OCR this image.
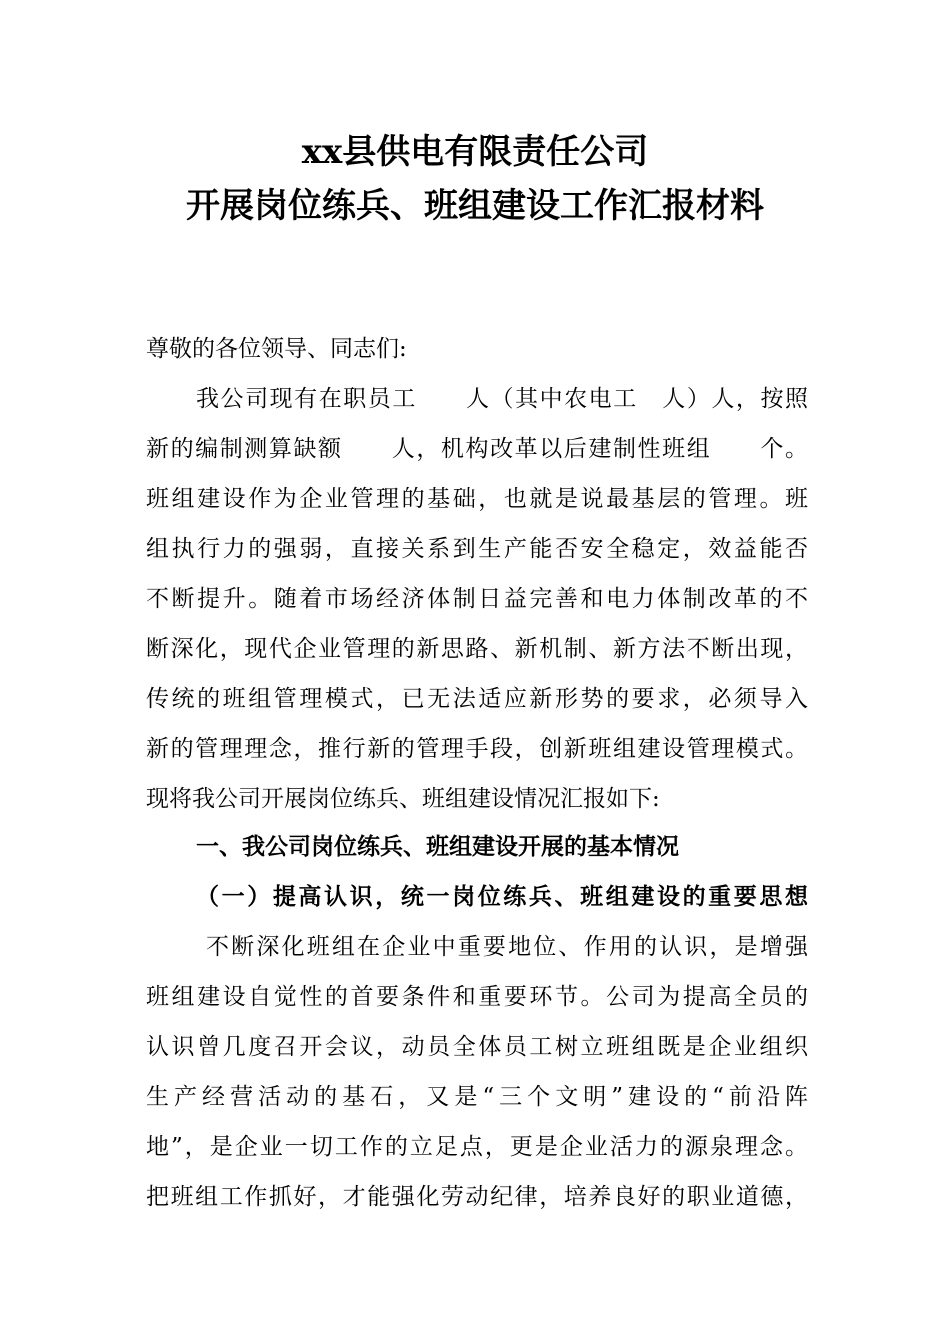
xx县供电有限责任公司
开展岗位练兵、班组建设工作汇报材料
尊敬的各位领导、同志们:
我公司现有在职员工　　人（其中农电工　人）人，按照
新的编制测算缺额　　人，机构改革以后建制性班组　　个。
班组建设作为企业管理的基础，也就是说最基层的管理。班
组执行力的强弱，直接关系到生产能否安全稳定，效益能否
不断提升。随着市场经济体制日益完善和电力体制改革的不
断深化，现代企业管理的新思路、新机制、新方法不断出现，
传统的班组管理模式，已无法适应新形势的要求，必须导入
新的管理理念，推行新的管理手段，创新班组建设管理模式。
现将我公司开展岗位练兵、班组建设情况汇报如下:
一、我公司岗位练兵、班组建设开展的基本情况
（一）提高认识，统一岗位练兵、班组建设的重要思想
不断深化班组在企业中重要地位、作用的认识，是增强
班组建设自觉性的首要条件和重要环节。公司为提高全员的
认识曾几度召开会议，动员全体员工树立班组既是企业组织
生产经营活动的基石，又是“三个文明”建设的“前沿阵
地”，是企业一切工作的立足点，更是企业活力的源泉理念。
把班组工作抓好，才能强化劳动纪律，培养良好的职业道德，
